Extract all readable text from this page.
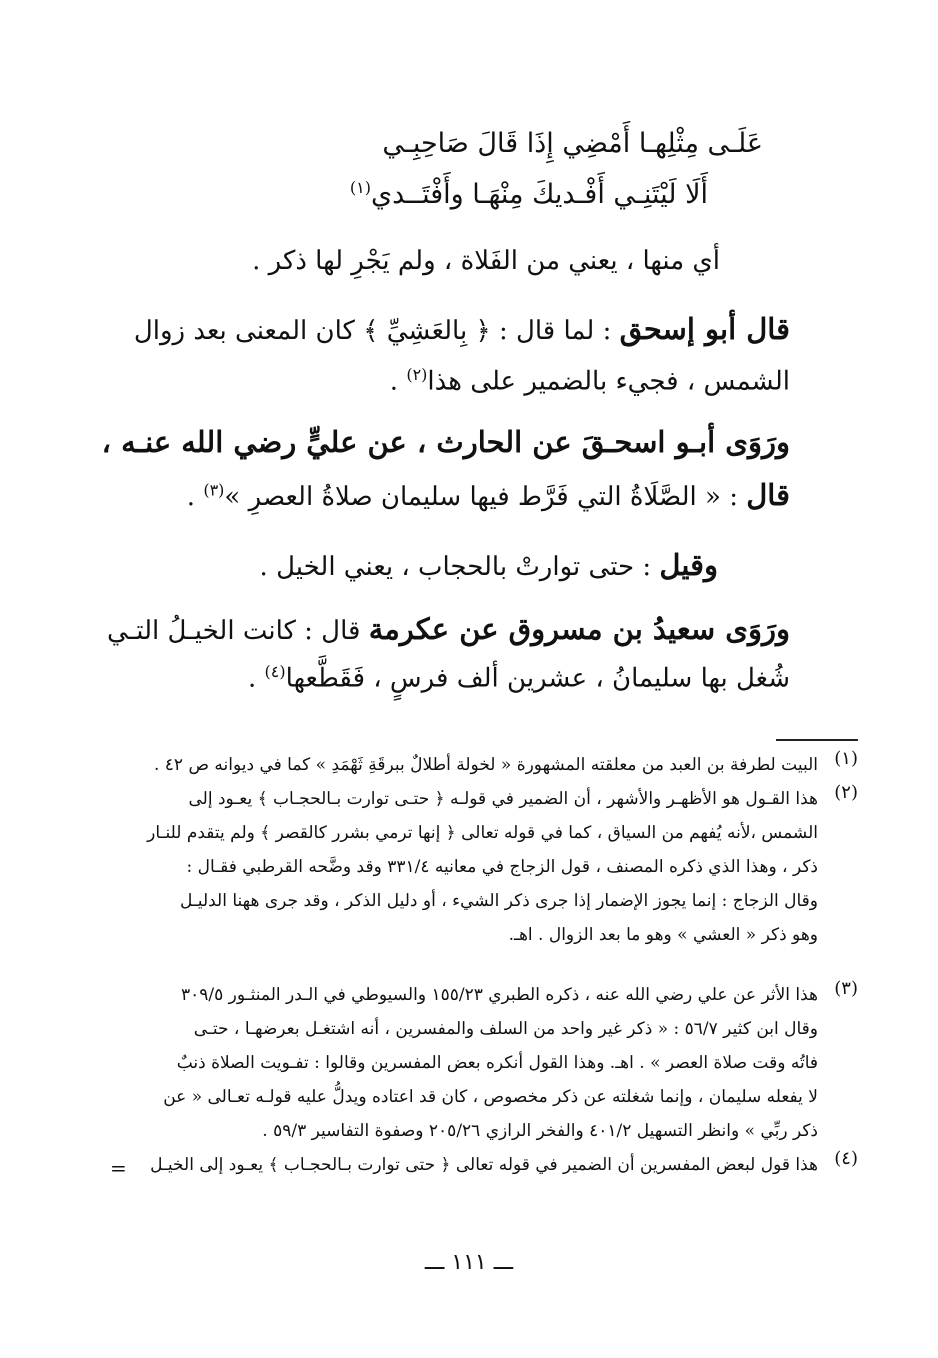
عَلَـى مِثْلِهـا أَمْضِي إِذَا قَالَ صَاحِبِـي
أَلَا لَيْتَنِـي أَفْـديكَ مِنْهَـا وأَفْتَــدي$^{(١)}$
أي منها ، يعني من الفَلاة ، ولم يَجْرِ لها ذكر .
قال أبو إسحق : لما قال : ﴿ بِالعَشِيِّ ﴾ كان المعنى بعد زوال
الشمس ، فجيء بالضمير على هذا$^{(٢)}$ .
ورَوَى أبـو اسحـقَ عن الحارث ، عن عليٍّ رضي الله عنـه ،
قال : « الصَّلَاةُ التي فَرَّط فيها سليمان صلاةُ العصرِ »$^{(٣)}$ .
وقيل : حتى توارتْ بالحجاب ، يعني الخيل .
ورَوَى سعيدُ بن مسروق عن عكرمة قال : كانت الخيـلُ التـي
شُغل بها سليمانُ ، عشرين ألف فرسٍ ، فَقَطَّعها$^{(٤)}$ .
(١)
البيت لطرفة بن العبد من معلقته المشهورة « لخولة أطلالٌ ببرقَةِ ثَهْمَدِ » كما في ديوانه ص ٤٢ .
(٢)
هذا القـول هو الأظهـر والأشهر ، أن الضمير في قولـه ﴿ حتـى توارت بـالحجـاب ﴾ يعـود إلى
الشمس ،لأنه يُفهم من السياق ، كما في قوله تعالى ﴿ إنها ترمي بشرر كالقصر ﴾ ولم يتقدم للنـار
ذكر ، وهذا الذي ذكره المصنف ، قول الزجاج في معانيه ٣٣١/٤ وقد وضَّحه القرطبي فقـال :
وقال الزجاج : إنما يجوز الإضمار إذا جرى ذكر الشيء ، أو دليل الذكر ، وقد جرى ههنا الدليـل
وهو ذكر « العشي » وهو ما بعد الزوال . اهـ.
(٣)
هذا الأثر عن علي رضي الله عنه ، ذكره الطبري ١٥٥/٢٣ والسيوطي في الـدر المنثـور ٣٠٩/٥
وقال ابن كثير ٥٦/٧ : « ذكر غير واحد من السلف والمفسرين ، أنه اشتغـل بعرضهـا ، حتـى
فاتُه وقت صلاة العصر » . اهـ. وهذا القول أنكره بعض المفسرين وقالوا : تفـويت الصلاة ذنبٌ
لا يفعله سليمان ، وإنما شغلته عن ذكر مخصوص ، كان قد اعتاده ويدلُّ عليه قولـه تعـالى « عن
ذكر ربِّي » وانظر التسهيل ٤٠١/٢ والفخر الرازي ٢٠٥/٢٦ وصفوة التفاسير ٥٩/٣ .
(٤)
هذا قول لبعض المفسرين أن الضمير في قوله تعالى ﴿ حتى توارت بـالحجـاب ﴾ يعـود إلى الخيـل
=
ـــ ١١١ ـــ
